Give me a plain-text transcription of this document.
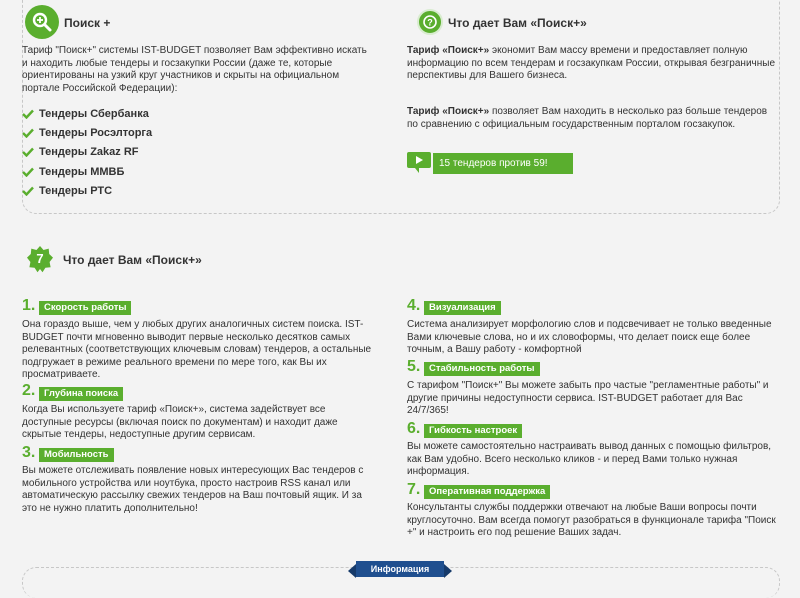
Поиск +

Тариф "Поиск+" системы IST-BUDGET позволяет Вам эффективно искать и находить любые тендеры и госзакупки России (даже те, которые ориентированы на узкий круг участников и скрыты на официальном портале Российской Федерации):

Тендеры Сбербанка
Тендеры Росэлторга
Тендеры Zakaz RF
Тендеры ММВБ
Тендеры РТС
? Что дает Вам «Поиск+»

Тариф «Поиск+» экономит Вам массу времени и предоставляет полную информацию по всем тендерам и госзакупкам России, открывая безграничные перспективы для Вашего бизнеса.

Тариф «Поиск+» позволяет Вам находить в несколько раз больше тендеров по сравнению с официальным государственным порталом госзакупок.

15 тендеров против 59!
7	Что дает Вам «Поиск+»
1. Скорость работы

Она гораздо выше, чем у любых других аналогичных систем поиска. IST-BUDGET почти мгновенно выводит первые несколько десятков самых релевантных (соответствующих ключевым словам) тендеров, а остальные подгружает в режиме реального времени по мере того, как Вы их просматриваете.

2. Глубина поиска

Когда Вы используете тариф «Поиск+», система задействует все доступные ресурсы (включая поиск по документам) и находит даже скрытые тендеры, недоступные другим сервисам.

3. Мобильность

Вы можете отслеживать появление новых интересующих Вас тендеров с мобильного устройства или ноутбука, просто настроив RSS канал или автоматическую рассылку свежих тендеров на Ваш почтовый ящик. И за это не нужно платить дополнительно!

4. Визуализация

Система анализирует морфологию слов и подсвечивает не только введенные Вами ключевые слова, но и их словоформы, что делает поиск еще более точным, а Вашу работу - комфортной

5. Стабильность работы

С тарифом "Поиск+" Вы можете забыть про частые "регламентные работы" и другие причины недоступности сервиса. IST-BUDGET работает для Вас 24/7/365!

6. Гибкость настроек

Вы можете самостоятельно настраивать вывод данных с помощью фильтров, как Вам удобно. Всего несколько кликов - и перед Вами только нужная информация.

7. Оперативная поддержка

Консультанты службы поддержки отвечают на любые Ваши вопросы почти круглосуточно. Вам всегда помогут разобраться в функционале тарифа "Поиск +" и настроить его под решение Ваших задач.

Информация
